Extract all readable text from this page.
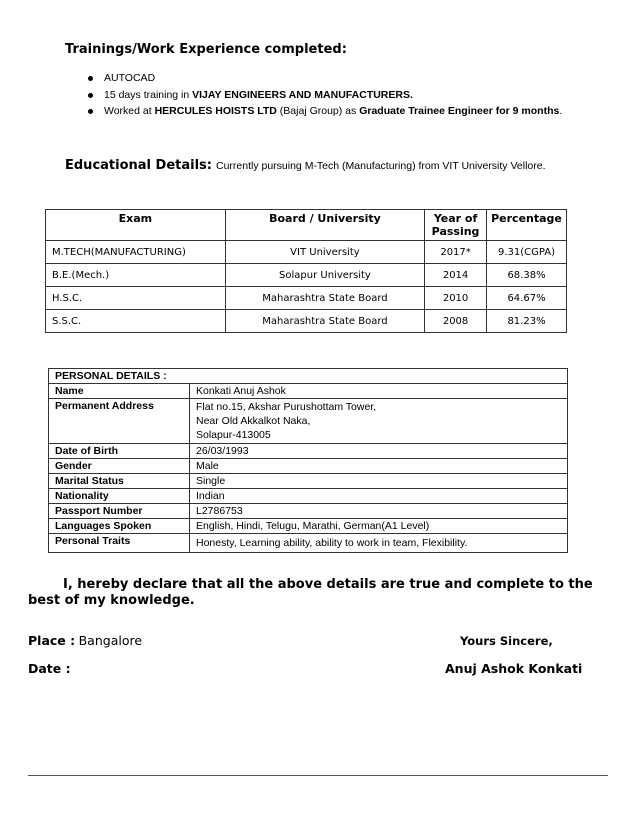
Trainings/Work Experience completed:
AUTOCAD
15 days training in VIJAY ENGINEERS AND MANUFACTURERS.
Worked at HERCULES HOISTS LTD (Bajaj Group) as Graduate Trainee Engineer for 9 months.
Educational Details: Currently pursuing M-Tech (Manufacturing) from VIT University Vellore.
Exam	Board / University	Year of Passing	Percentage
M.TECH(MANUFACTURING)	VIT University	2017*	9.31(CGPA)
B.E.(Mech.)	Solapur University	2014	68.38%
H.S.C.	Maharashtra State Board	2010	64.67%
S.S.C.	Maharashtra State Board	2008	81.23%
PERSONAL DETAILS :	
Name	Konkati Anuj Ashok
Permanent Address	Flat no.15, Akshar Purushottam Tower,
Near Old Akkalkot Naka,
Solapur-413005

Date of Birth	26/03/1993
Gender	Male
Marital Status	Single
Nationality	Indian
Passport Number	L2786753
Languages Spoken	English, Hindi, Telugu, Marathi, German(A1 Level)
Personal Traits	Honesty, Learning ability, ability to work in team, Flexibility.
I, hereby declare that all the above details are true and complete to the best of my knowledge.
Place : Bangalore	Yours Sincere,
Date :	Anuj Ashok Konkati
